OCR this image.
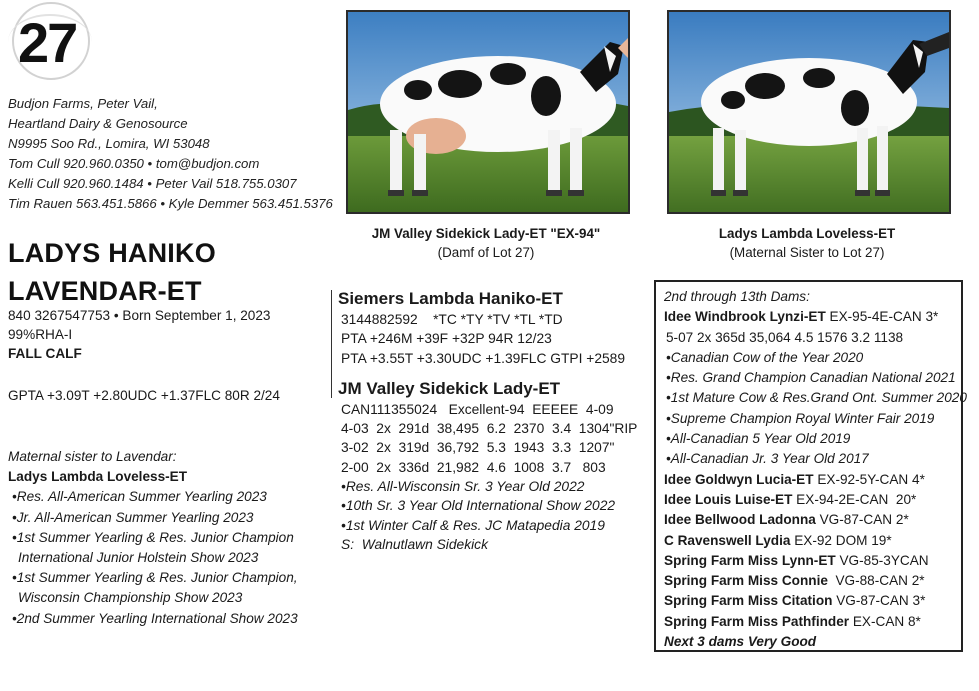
27
Budjon Farms, Peter Vail,
Heartland Dairy & Genosource
N9995 Soo Rd., Lomira, WI 53048
Tom Cull 920.960.0350 • tom@budjon.com
Kelli Cull 920.960.1484 • Peter Vail 518.755.0307
Tim Rauen 563.451.5866 • Kyle Demmer 563.451.5376
LADYS HANIKO
LAVENDAR-ET
840 3267547753 • Born September 1, 2023
99%RHA-I
FALL CALF
GPTA +3.09T +2.80UDC +1.37FLC 80R 2/24
Maternal sister to Lavendar:
Ladys Lambda Loveless-ET
•Res. All-American Summer Yearling 2023
•Jr. All-American Summer Yearling 2023
•1st Summer Yearling & Res. Junior Champion International Junior Holstein Show 2023
•1st Summer Yearling & Res. Junior Champion, Wisconsin Championship Show 2023
•2nd Summer Yearling International Show 2023
JM Valley Sidekick Lady-ET "EX-94"
(Damf of Lot 27)
Ladys Lambda Loveless-ET
(Maternal Sister to Lot 27)
Siemers Lambda Haniko-ET
3144882592    *TC *TY *TV *TL *TD
PTA +246M +39F +32P 94R 12/23
PTA +3.55T +3.30UDC +1.39FLC GTPI +2589
JM Valley Sidekick Lady-ET
CAN111355024   Excellent-94  EEEEE  4-09
4-03  2x  291d  38,495  6.2  2370  3.4  1304"RIP
3-02  2x  319d  36,792  5.3  1943  3.3  1207"
2-00  2x  336d  21,982  4.6  1008  3.7   803
•Res. All-Wisconsin Sr. 3 Year Old 2022
•10th Sr. 3 Year Old International Show 2022
•1st Winter Calf & Res. JC Matapedia 2019
S:  Walnutlawn Sidekick
2nd through 13th Dams:
Idee Windbrook Lynzi-ET EX-95-4E-CAN 3*
5-07 2x 365d 35,064 4.5 1576 3.2 1138
•Canadian Cow of the Year 2020
•Res. Grand Champion Canadian National 2021
•1st Mature Cow & Res.Grand Ont. Summer 2020
•Supreme Champion Royal Winter Fair 2019
•All-Canadian 5 Year Old 2019
•All-Canadian Jr. 3 Year Old 2017
Idee Goldwyn Lucia-ET EX-92-5Y-CAN 4*
Idee Louis Luise-ET EX-94-2E-CAN  20*
Idee Bellwood Ladonna VG-87-CAN 2*
C Ravenswell Lydia EX-92 DOM 19*
Spring Farm Miss Lynn-ET VG-85-3YCAN
Spring Farm Miss Connie  VG-88-CAN 2*
Spring Farm Miss Citation VG-87-CAN 3*
Spring Farm Miss Pathfinder EX-CAN 8*
Next 3 dams Very Good
